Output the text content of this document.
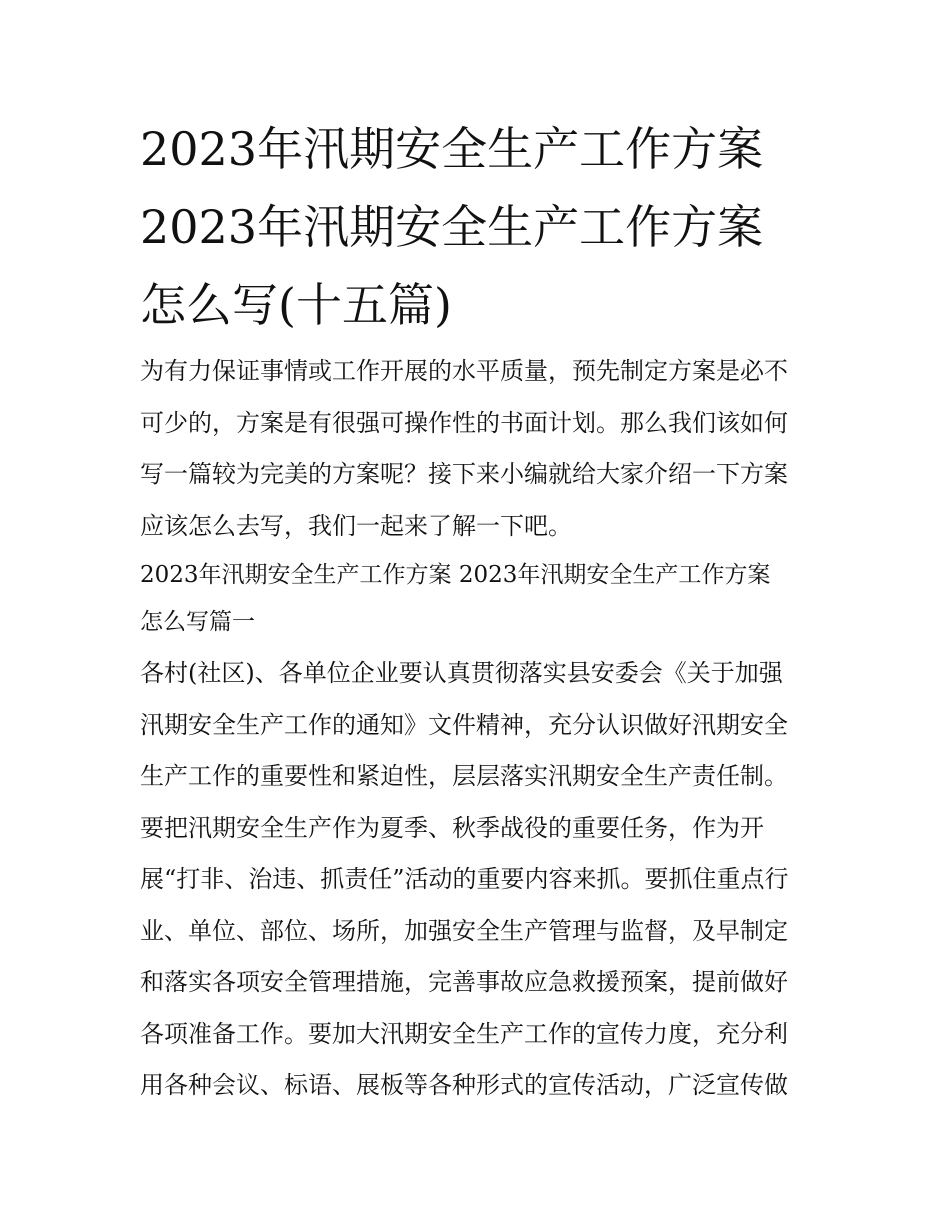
2023年汛期安全生产工作方案
2023年汛期安全生产工作方案
怎么写(十五篇)

为有力保证事情或工作开展的水平质量，预先制定方案是必不
可少的，方案是有很强可操作性的书面计划。那么我们该如何
写一篇较为完美的方案呢？接下来小编就给大家介绍一下方案
应该怎么去写，我们一起来了解一下吧。

2023年汛期安全生产工作方案 2023年汛期安全生产工作方案
怎么写篇一

各村(社区)、各单位企业要认真贯彻落实县安委会《关于加强
汛期安全生产工作的通知》文件精神，充分认识做好汛期安全
生产工作的重要性和紧迫性，层层落实汛期安全生产责任制。
要把汛期安全生产作为夏季、秋季战役的重要任务，作为开
展“打非、治违、抓责任”活动的重要内容来抓。要抓住重点行
业、单位、部位、场所，加强安全生产管理与监督，及早制定
和落实各项安全管理措施，完善事故应急救援预案，提前做好
各项准备工作。要加大汛期安全生产工作的宣传力度，充分利
用各种会议、标语、展板等各种形式的宣传活动，广泛宣传做
